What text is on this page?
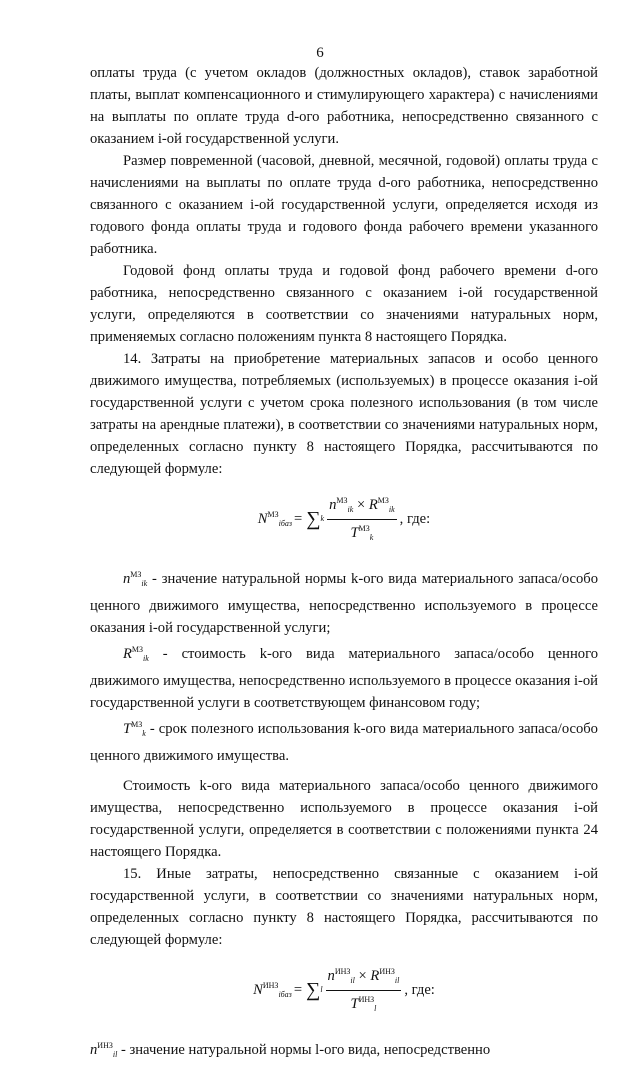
6

оплаты труда (с учетом окладов (должностных окладов), ставок заработной платы, выплат компенсационного и стимулирующего характера) с начислениями на выплаты по оплате труда d-ого работника, непосредственно связанного с оказанием i-ой государственной услуги.

Размер повременной (часовой, дневной, месячной, годовой) оплаты труда с начислениями на выплаты по оплате труда d-ого работника, непосредственно связанного с оказанием i-ой государственной услуги, определяется исходя из годового фонда оплаты труда и годового фонда рабочего времени указанного работника.

Годовой фонд оплаты труда и годовой фонд рабочего времени d-ого работника, непосредственно связанного с оказанием i-ой государственной услуги, определяются в соответствии со значениями натуральных норм, применяемых согласно положениям пункта 8 настоящего Порядка.

14. Затраты на приобретение материальных запасов и особо ценного движимого имущества, потребляемых (используемых) в процессе оказания i-ой государственной услуги с учетом срока полезного использования (в том числе затраты на арендные платежи), в соответствии со значениями натуральных норм, определенных согласно пункту 8 настоящего Порядка, рассчитываются по следующей формуле:

$N^{МЗ}_{iбаз}$ = ∑ k $\frac{n^{МЗ}_{ik} \times R^{МЗ}_{ik}}{T^{МЗ}_k}$ , где:

$n^{МЗ}_{ik}$ - значение натуральной нормы k-ого вида материального запаса/особо ценного движимого имущества, непосредственно используемого в процессе оказания i-ой государственной услуги;

$R^{МЗ}_{ik}$ - стоимость k-ого вида материального запаса/особо ценного движимого имущества, непосредственно используемого в процессе оказания i-ой государственной услуги в соответствующем финансовом году;

$T^{МЗ}_k$ - срок полезного использования k-ого вида материального запаса/особо ценного движимого имущества.

Стоимость k-ого вида материального запаса/особо ценного движимого имущества, непосредственно используемого в процессе оказания i-ой государственной услуги, определяется в соответствии с положениями пункта 24 настоящего Порядка.

15. Иные затраты, непосредственно связанные с оказанием i-ой государственной услуги, в соответствии со значениями натуральных норм, определенных согласно пункту 8 настоящего Порядка, рассчитываются по следующей формуле:

$N^{ИНЗ}_{iбаз}$ = ∑ l $\frac{n^{ИНЗ}_{il} \times R^{ИНЗ}_{il}}{T^{ИНЗ}_l}$ , где:

$n^{ИНЗ}_{il}$ - значение натуральной нормы l-ого вида, непосредственно
